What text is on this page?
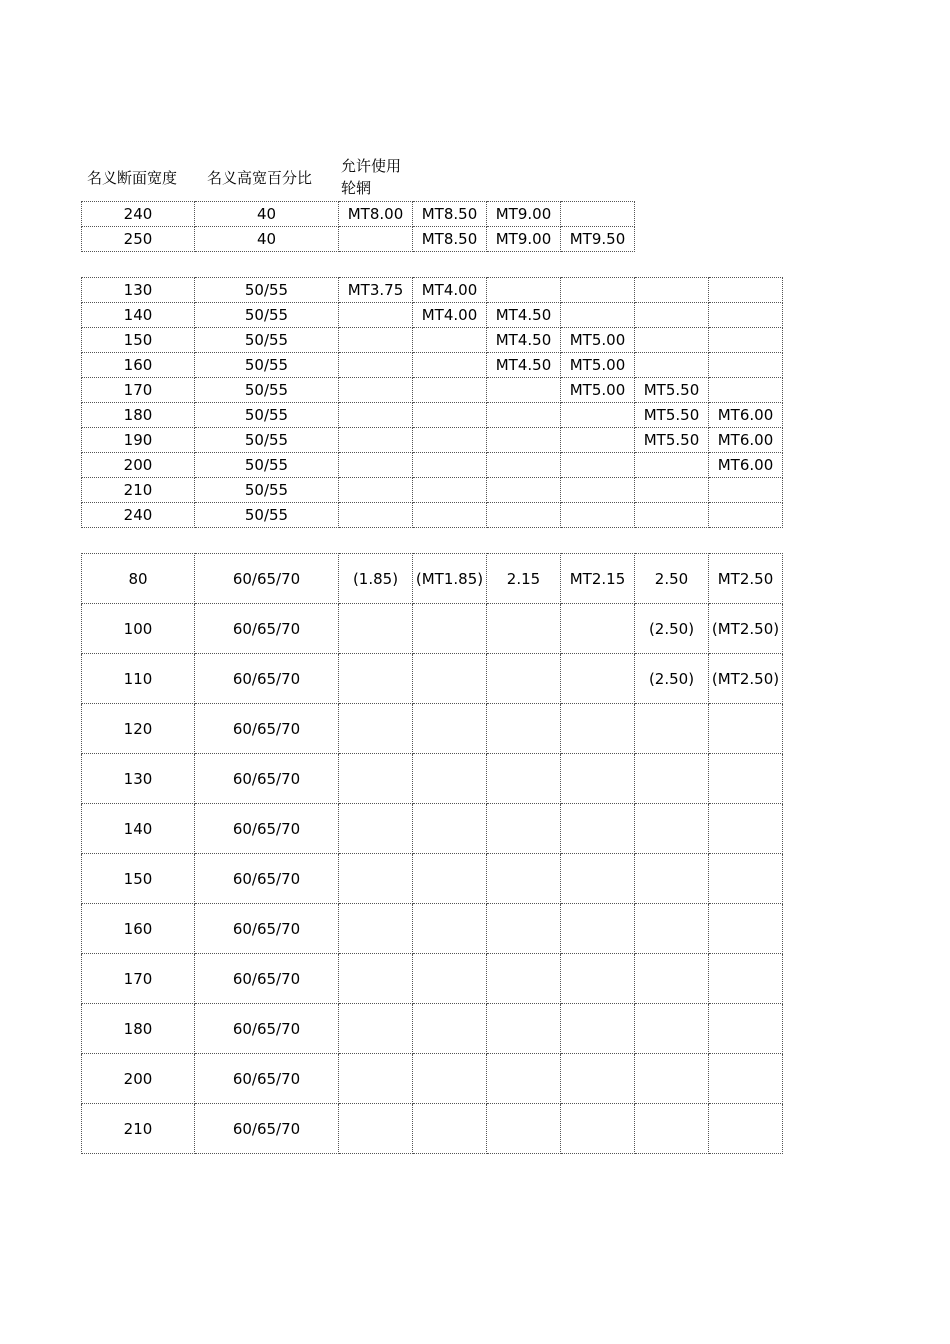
名义断面宽度 名义高宽百分比
允许使用
轮辋
240	40	MT8.00	MT8.50	MT9.00	
250	40		MT8.50	MT9.00	MT9.50
130	50/55	MT3.75	MT4.00				
140	50/55		MT4.00	MT4.50			
150	50/55			MT4.50	MT5.00		
160	50/55			MT4.50	MT5.00		
170	50/55				MT5.00	MT5.50	
180	50/55					MT5.50	MT6.00
190	50/55					MT5.50	MT6.00
200	50/55						MT6.00
210	50/55						
240	50/55						
80	60/65/70	(1.85)	(MT1.85)	2.15	MT2.15	2.50	MT2.50
100	60/65/70					(2.50)	(MT2.50)
110	60/65/70					(2.50)	(MT2.50)
120	60/65/70						
130	60/65/70						
140	60/65/70						
150	60/65/70						
160	60/65/70						
170	60/65/70						
180	60/65/70						
200	60/65/70						
210	60/65/70						
